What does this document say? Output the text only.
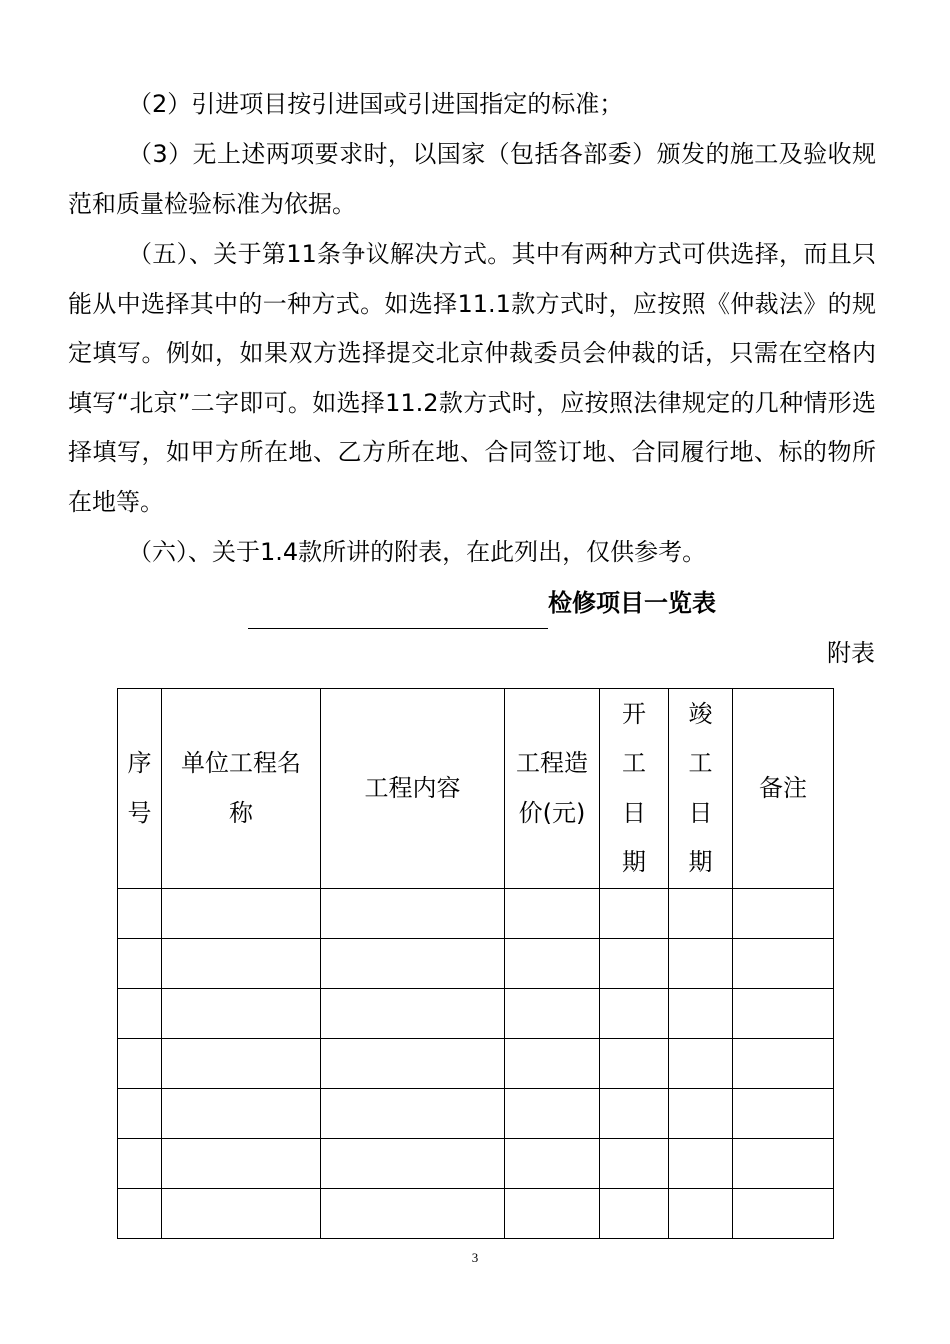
（2）引进项目按引进国或引进国指定的标准；

（3）无上述两项要求时，以国家（包括各部委）颁发的施工及验收规范和质量检验标准为依据。

（五）、关于第11条争议解决方式。其中有两种方式可供选择，而且只能从中选择其中的一种方式。如选择11.1款方式时，应按照《仲裁法》的规定填写。例如，如果双方选择提交北京仲裁委员会仲裁的话，只需在空格内填写“北京”二字即可。如选择11.2款方式时，应按照法律规定的几种情形选择填写，如甲方所在地、乙方所在地、合同签订地、合同履行地、标的物所在地等。

（六）、关于1.4款所讲的附表，在此列出，仅供参考。

检修项目一览表
附表
序号	单位工程名称	工程内容	工程造价(元)	开工日期	竣工日期	备注

3
